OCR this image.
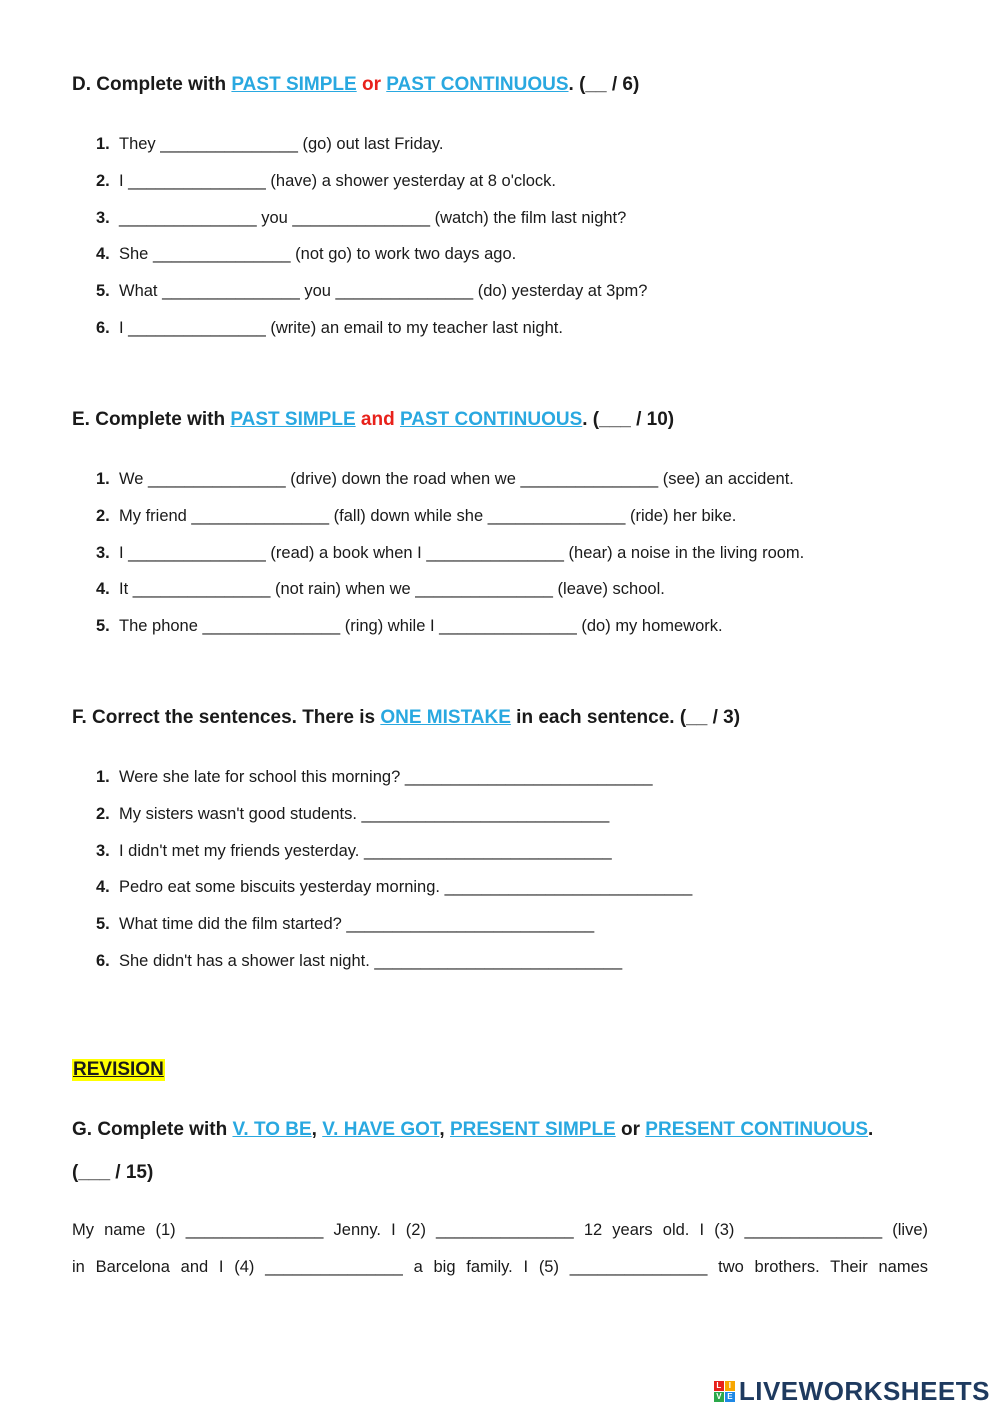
D. Complete with PAST SIMPLE or PAST CONTINUOUS. (__ / 6)
1. They _______________ (go) out last Friday.
2. I _______________ (have) a shower yesterday at 8 o'clock.
3. _______________ you _______________ (watch) the film last night?
4. She _______________ (not go) to work two days ago.
5. What _______________ you _______________ (do) yesterday at 3pm?
6. I _______________ (write) an email to my teacher last night.
E. Complete with PAST SIMPLE and PAST CONTINUOUS. (___ / 10)
1. We _______________ (drive) down the road when we _______________ (see) an accident.
2. My friend _______________ (fall) down while she _______________ (ride) her bike.
3. I _______________ (read) a book when I _______________ (hear) a noise in the living room.
4. It _______________ (not rain) when we _______________ (leave) school.
5. The phone _______________ (ring) while I _______________ (do) my homework.
F. Correct the sentences. There is ONE MISTAKE in each sentence. (__ / 3)
1. Were she late for school this morning? ___________________________
2. My sisters wasn't good students. ___________________________
3. I didn't met my friends yesterday. ___________________________
4. Pedro eat some biscuits yesterday morning. ___________________________
5. What time did the film started? ___________________________
6. She didn't has a shower last night. ___________________________
REVISION
G. Complete with V. TO BE, V. HAVE GOT, PRESENT SIMPLE or PRESENT CONTINUOUS.
(___ / 15)
My name (1) _______________ Jenny. I (2) _______________ 12 years old. I (3) _______________ (live)
in Barcelona and I (4) _______________ a big family. I (5) _______________ two brothers. Their names
L I
V E LIVEWORKSHEETS
